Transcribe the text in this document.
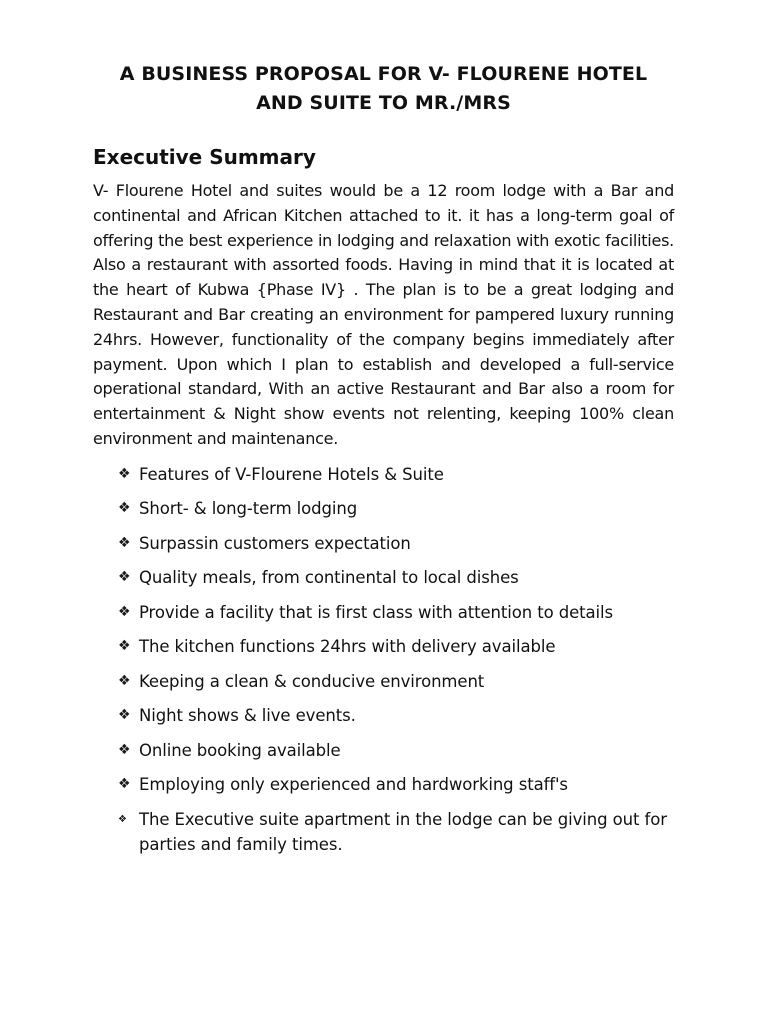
A BUSINESS PROPOSAL FOR V- FLOURENE HOTEL
AND SUITE TO MR./MRS
Executive Summary

V- Flourene Hotel and suites would be a 12 room lodge with a Bar and continental and African Kitchen attached to it. it has a long-term goal of offering the best experience in lodging and relaxation with exotic facilities. Also a restaurant with assorted foods. Having in mind that it is located at the heart of Kubwa {Phase IV} . The plan is to be a great lodging and Restaurant and Bar creating an environment for pampered luxury running 24hrs. However, functionality of the company begins immediately after payment. Upon which I plan to establish and developed a full-service operational standard, With an active Restaurant and Bar also a room for entertainment & Night show events not relenting, keeping 100% clean environment and maintenance.

❖ Features of V-Flourene Hotels & Suite
❖ Short- & long-term lodging
❖ Surpassin customers expectation
❖ Quality meals, from continental to local dishes
❖ Provide a facility that is first class with attention to details
❖ The kitchen functions 24hrs with delivery available
❖ Keeping a clean & conducive environment
❖ Night shows & live events.
❖ Online booking available
❖ Employing only experienced and hardworking staff's
❖ The Executive suite apartment in the lodge can be giving out for parties and family times.
